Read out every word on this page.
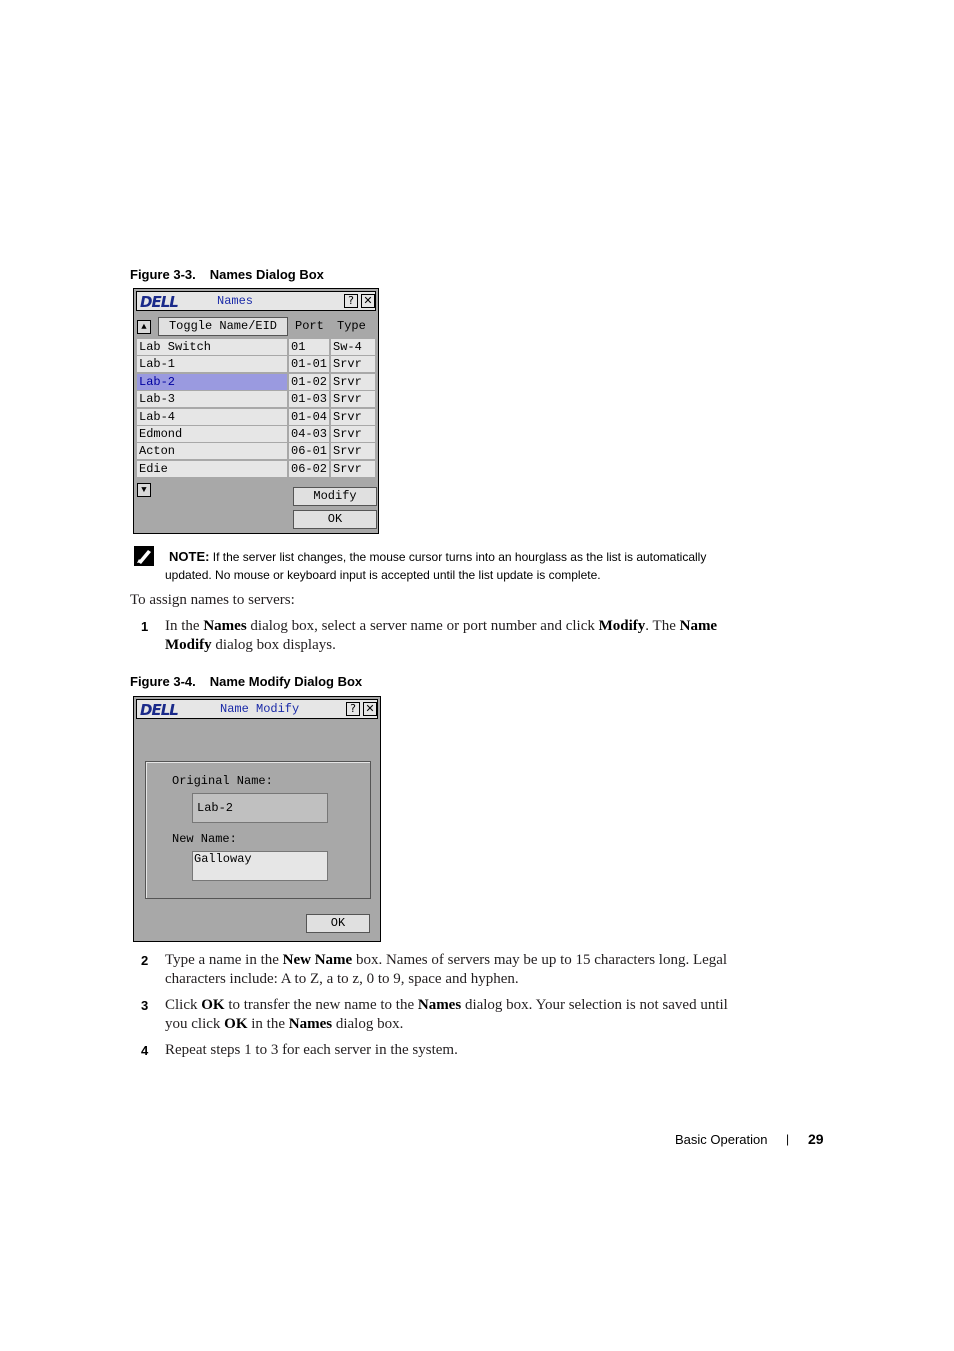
Figure 3-3. Names Dialog Box
DELL	Names	? ✕
▲	Toggle Name/EID	Port Type
Lab Switch	01	Sw-4
Lab-1	01-01 Srvr
Lab-2	01-02 Srvr
Lab-3	01-03 Srvr
Lab-4	01-04 Srvr
Edmond	04-03 Srvr
Acton	06-01 Srvr
Edie	06-02 Srvr
▼	Modify
OK
NOTE: If the server list changes, the mouse cursor turns into an hourglass as the list is automatically
updated. No mouse or keyboard input is accepted until the list update is complete.
To assign names to servers:
1 In the Names dialog box, select a server name or port number and click Modify. The Name
Modify dialog box displays.
Figure 3-4. Name Modify Dialog Box
DELL	Name Modify	? ✕
Original Name:
Lab-2
New Name:
Galloway
OK
2 Type a name in the New Name box. Names of servers may be up to 15 characters long. Legal
characters include: A to Z, a to z, 0 to 9, space and hyphen.
3 Click OK to transfer the new name to the Names dialog box. Your selection is not saved until
you click OK in the Names dialog box.
4 Repeat steps 1 to 3 for each server in the system.
Basic Operation | 29
